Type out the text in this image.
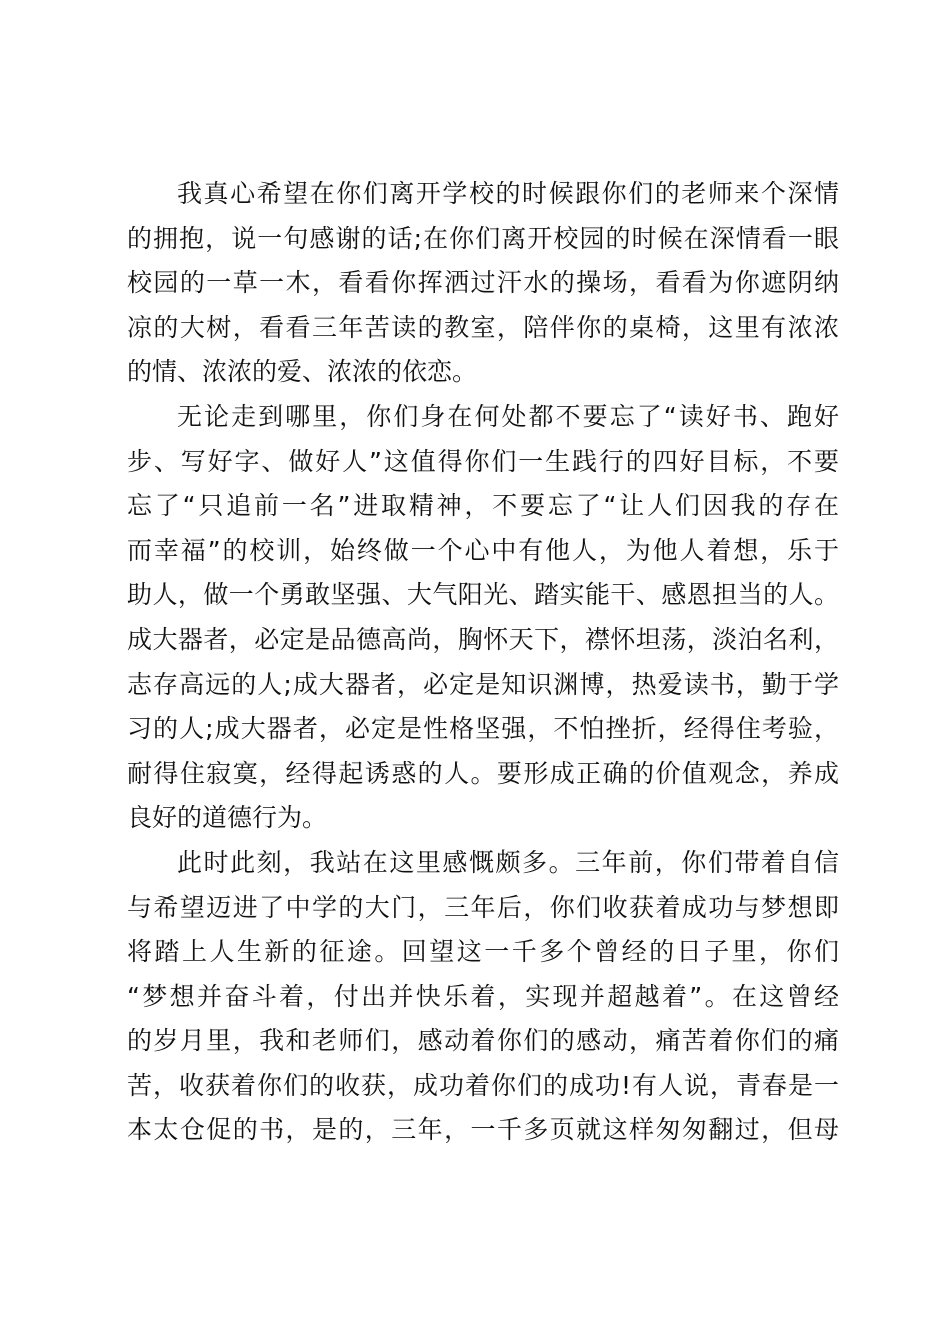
我真心希望在你们离开学校的时候跟你们的老师来个深情
的拥抱，说一句感谢的话;在你们离开校园的时候在深情看一眼
校园的一草一木，看看你挥洒过汗水的操场，看看为你遮阴纳
凉的大树，看看三年苦读的教室，陪伴你的桌椅，这里有浓浓
的情、浓浓的爱、浓浓的依恋。
无论走到哪里，你们身在何处都不要忘了“读好书、跑好
步、写好字、做好人”这值得你们一生践行的四好目标，不要
忘了“只追前一名”进取精神，不要忘了“让人们因我的存在
而幸福”的校训，始终做一个心中有他人，为他人着想，乐于
助人，做一个勇敢坚强、大气阳光、踏实能干、感恩担当的人。
成大器者，必定是品德高尚，胸怀天下，襟怀坦荡，淡泊名利，
志存高远的人;成大器者，必定是知识渊博，热爱读书，勤于学
习的人;成大器者，必定是性格坚强，不怕挫折，经得住考验，
耐得住寂寞，经得起诱惑的人。要形成正确的价值观念，养成
良好的道德行为。
此时此刻，我站在这里感慨颇多。三年前，你们带着自信
与希望迈进了中学的大门，三年后，你们收获着成功与梦想即
将踏上人生新的征途。回望这一千多个曾经的日子里，你们
“梦想并奋斗着，付出并快乐着，实现并超越着”。在这曾经
的岁月里，我和老师们，感动着你们的感动，痛苦着你们的痛
苦，收获着你们的收获，成功着你们的成功!有人说，青春是一
本太仓促的书，是的，三年，一千多页就这样匆匆翻过，但母
